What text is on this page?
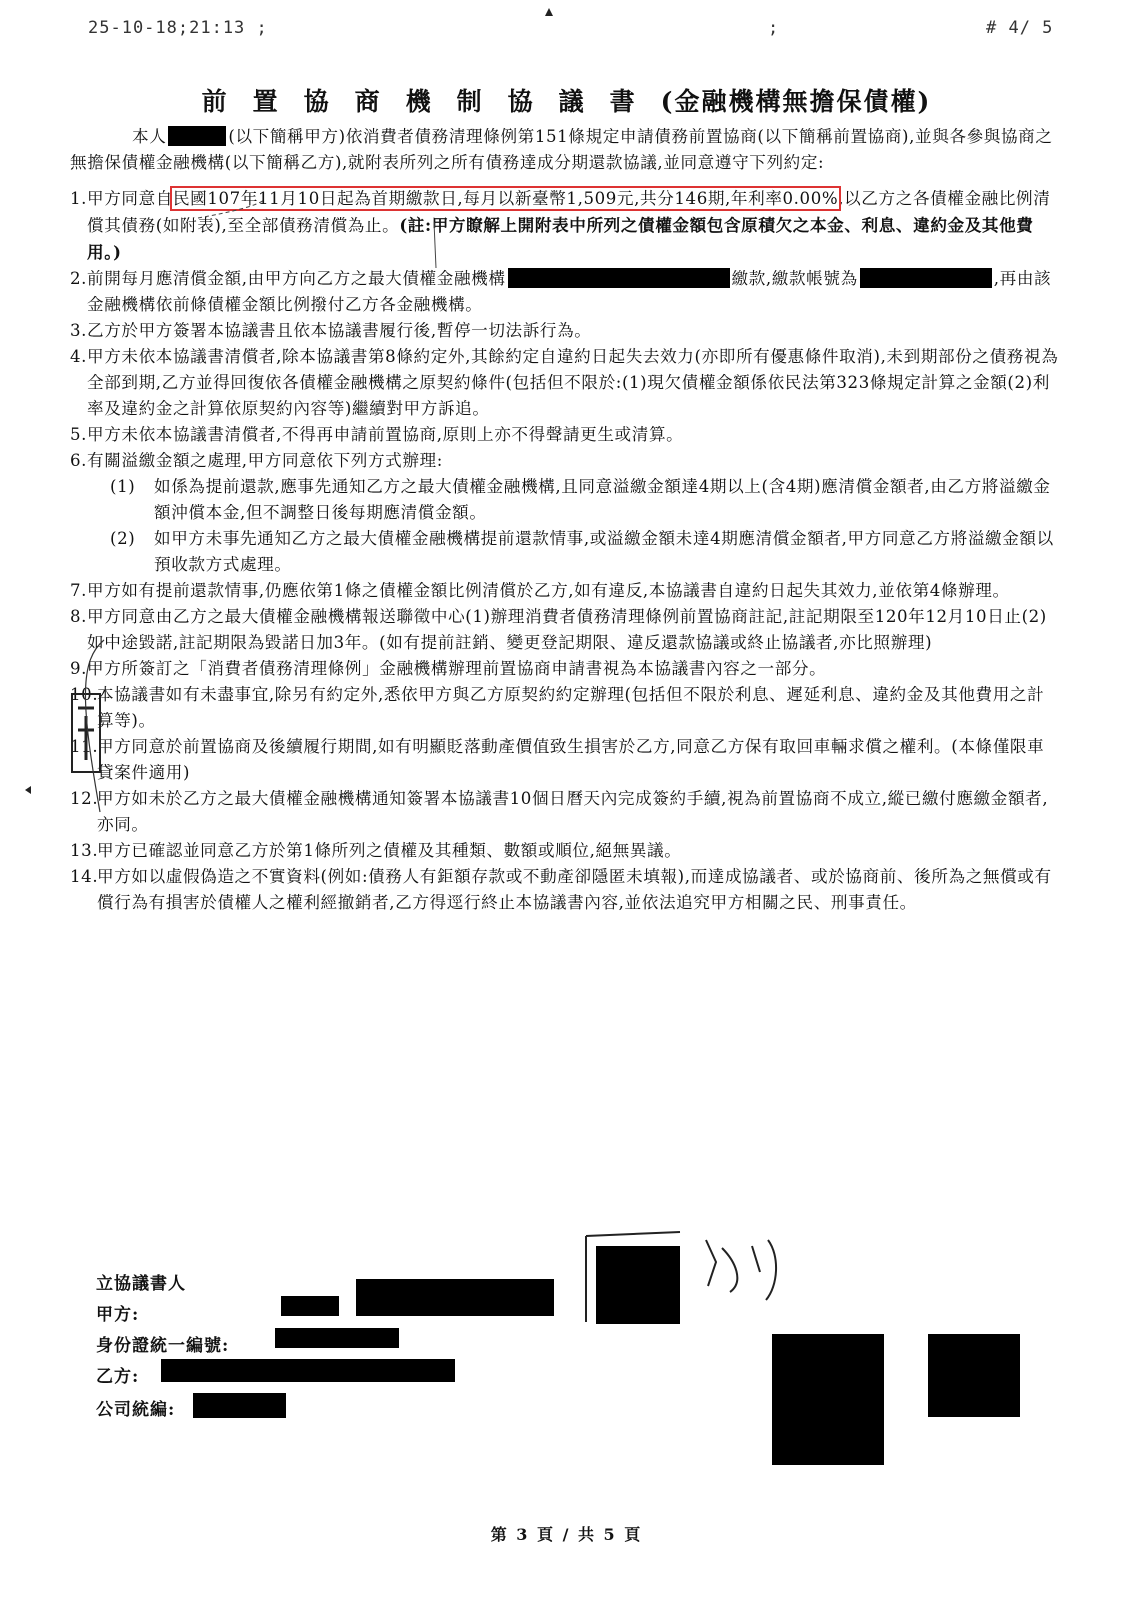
25-10-18;21:13 ;	;	# 4/ 5
前置協商機制協議書(金融機構無擔保債權)

本人	(以下簡稱甲方)依消費者債務清理條例第151條規定申請債務前置協商(以下簡稱前置協商),並與各參與協商之無擔保債權金融機構(以下簡稱乙方),就附表所列之所有債務達成分期還款協議,並同意遵守下列約定:

1. 甲方同意自民國107年11月10日起為首期繳款日,每月以新臺幣1,509元,共分146期,年利率0.00%,以乙方之各債權金融比例清償其債務(如附表),至全部債務清償為止。(註:甲方瞭解上開附表中所列之債權金額包含原積欠之本金、利息、違約金及其他費用。)
2. 前開每月應清償金額,由甲方向乙方之最大債權金融機構	繳款,繳款帳號為	,再由該金融機構依前條債權金額比例撥付乙方各金融機構。
3. 乙方於甲方簽署本協議書且依本協議書履行後,暫停一切法訴行為。
4. 甲方未依本協議書清償者,除本協議書第8條約定外,其餘約定自違約日起失去效力(亦即所有優惠條件取消),未到期部份之債務視為全部到期,乙方並得回復依各債權金融機構之原契約條件(包括但不限於:(1)現欠債權金額係依民法第323條規定計算之金額(2)利率及違約金之計算依原契約內容等)繼續對甲方訴追。
5. 甲方未依本協議書清償者,不得再申請前置協商,原則上亦不得聲請更生或清算。
6. 有關溢繳金額之處理,甲方同意依下列方式辦理:
(1)	如係為提前還款,應事先通知乙方之最大債權金融機構,且同意溢繳金額達4期以上(含4期)應清償金額者,由乙方將溢繳金額沖償本金,但不調整日後每期應清償金額。
(2)	如甲方未事先通知乙方之最大債權金融機構提前還款情事,或溢繳金額未達4期應清償金額者,甲方同意乙方將溢繳金額以預收款方式處理。
7. 甲方如有提前還款情事,仍應依第1條之債權金額比例清償於乙方,如有違反,本協議書自違約日起失其效力,並依第4條辦理。
8. 甲方同意由乙方之最大債權金融機構報送聯徵中心(1)辦理消費者債務清理條例前置協商註記,註記期限至120年12月10日止(2)如中途毀諾,註記期限為毀諾日加3年。(如有提前註銷、變更登記期限、違反還款協議或終止協議者,亦比照辦理)
9. 甲方所簽訂之「消費者債務清理條例」金融機構辦理前置協商申請書視為本協議書內容之一部分。
10.
本協議書如有未盡事宜,除另有約定外,悉依甲方與乙方原契約約定辦理(包括但不限於利息、遲延利息、違約金及其他費用之計算等)。
11.
甲方同意於前置協商及後續履行期間,如有明顯貶落動產價值致生損害於乙方,同意乙方保有取回車輛求償之權利。(本條僅限車貸案件適用)
12.
甲方如未於乙方之最大債權金融機構通知簽署本協議書10個日曆天內完成簽約手續,視為前置協商不成立,縱已繳付應繳金額者,亦同。
13.
甲方已確認並同意乙方於第1條所列之債權及其種類、數額或順位,絕無異議。
14.
甲方如以虛假偽造之不實資料(例如:債務人有鉅額存款或不動產卻隱匿未填報),而達成協議者、或於協商前、後所為之無償或有償行為有損害於債權人之權利經撤銷者,乙方得逕行終止本協議書內容,並依法追究甲方相關之民、刑事責任。
立協議書人
甲方:
身份證統一編號:
乙方:
公司統編:
第 3 頁 / 共 5 頁
